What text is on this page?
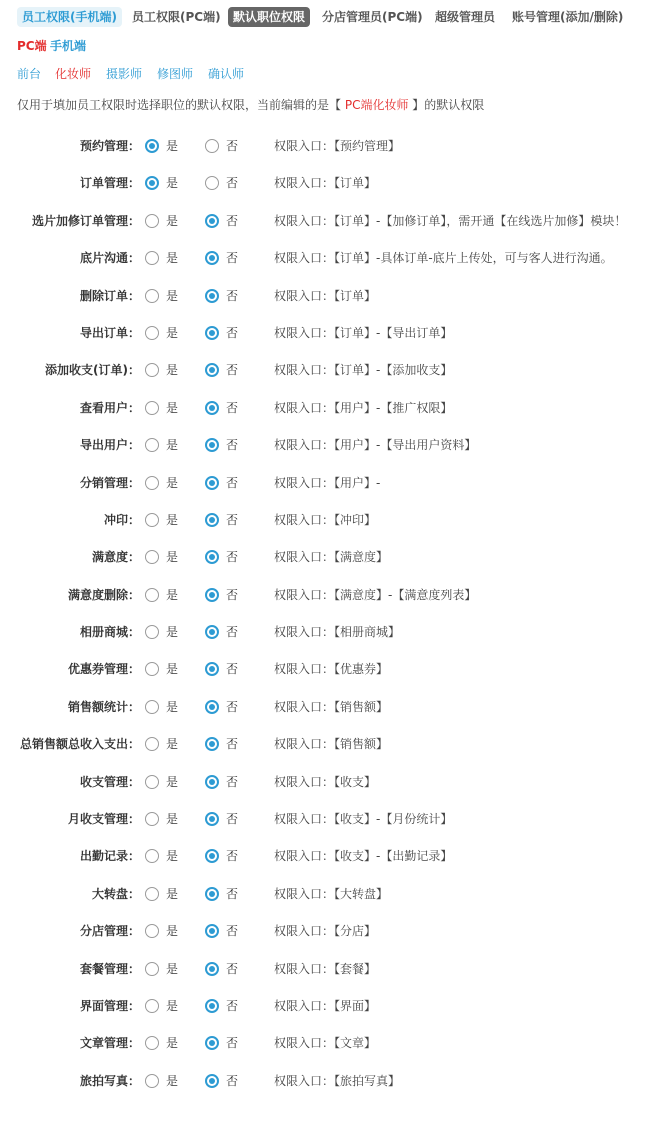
员工权限(手机端)	员工权限(PC端)	默认职位权限	分店管理员(PC端)	超级管理员	账号管理(添加/删除)
PC端 手机端
前台 化妆师 摄影师 修图师 确认师
仅用于填加员工权限时选择职位的默认权限，当前编辑的是【 PC端化妆师 】的默认权限
预约管理： 是	否	权限入口：【预约管理】
订单管理： 是	否	权限入口：【订单】
选片加修订单管理： 是	否	权限入口：【订单】-【加修订单】，需开通【在线选片加修】模块！
底片沟通： 是	否	权限入口：【订单】-具体订单-底片上传处，可与客人进行沟通。
删除订单： 是	否	权限入口：【订单】
导出订单： 是	否	权限入口：【订单】-【导出订单】
添加收支(订单)： 是	否	权限入口：【订单】-【添加收支】
查看用户： 是	否	权限入口：【用户】-【推广权限】
导出用户： 是	否	权限入口：【用户】-【导出用户资料】
分销管理： 是	否	权限入口：【用户】-
冲印： 是	否	权限入口：【冲印】
满意度： 是	否	权限入口：【满意度】
满意度删除： 是	否	权限入口：【满意度】-【满意度列表】
相册商城： 是	否	权限入口：【相册商城】
优惠券管理： 是	否	权限入口：【优惠券】
销售额统计： 是	否	权限入口：【销售额】
总销售额总收入支出： 是	否	权限入口：【销售额】
收支管理： 是	否	权限入口：【收支】
月收支管理： 是	否	权限入口：【收支】-【月份统计】
出勤记录： 是	否	权限入口：【收支】-【出勤记录】
大转盘： 是	否	权限入口：【大转盘】
分店管理： 是	否	权限入口：【分店】
套餐管理： 是	否	权限入口：【套餐】
界面管理： 是	否	权限入口：【界面】
文章管理： 是	否	权限入口：【文章】
旅拍写真： 是	否	权限入口：【旅拍写真】
